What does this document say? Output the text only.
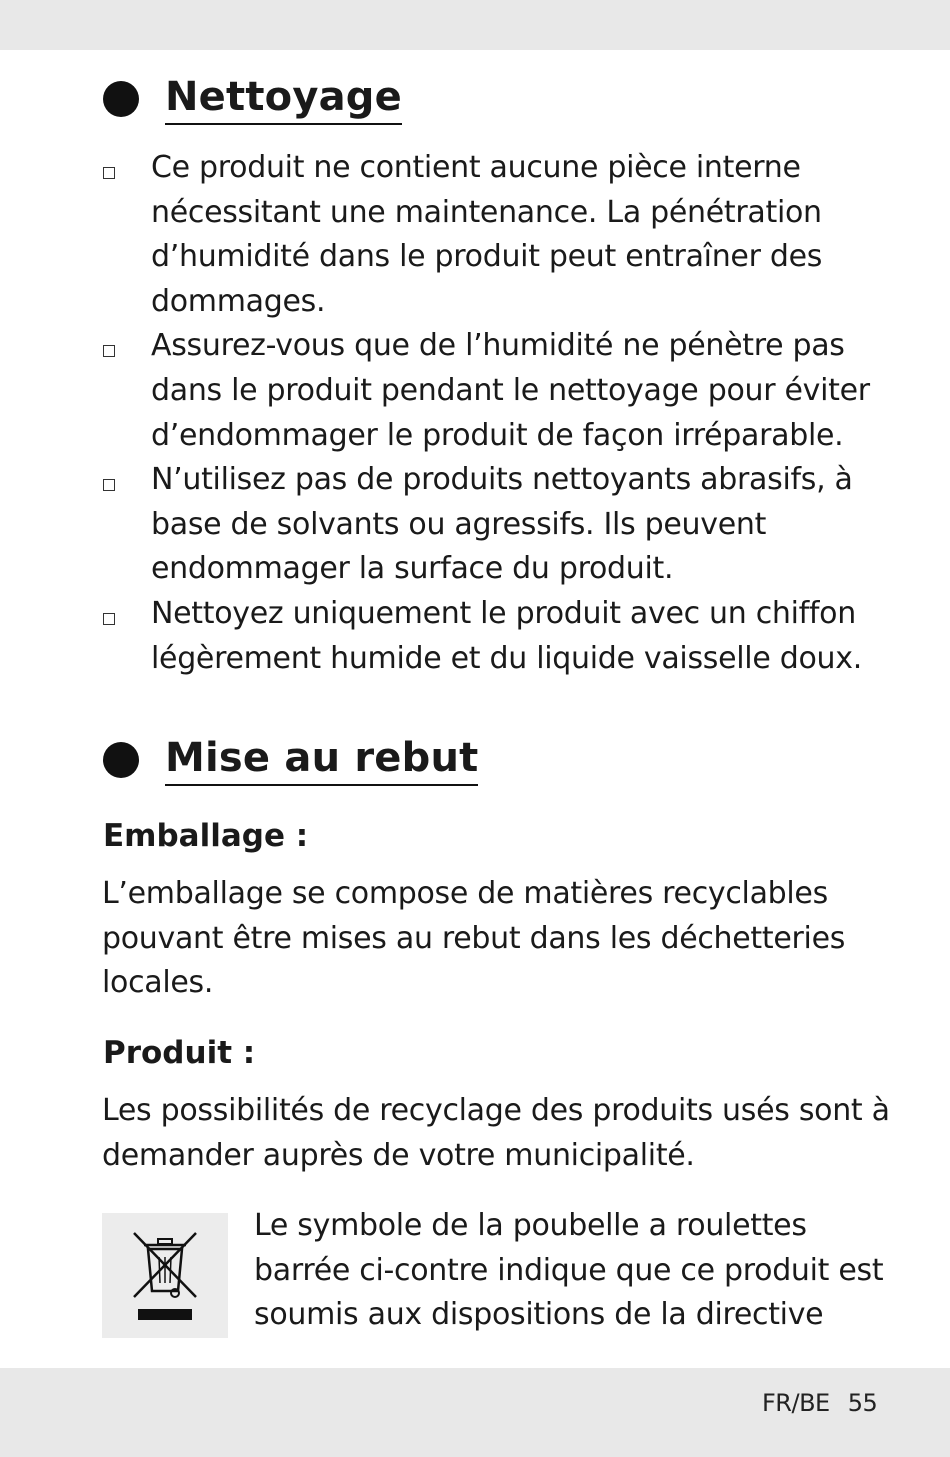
Nettoyage
Ce produit ne contient aucune pièce interne nécessitant une maintenance. La pénétration d’humidité dans le produit peut entraîner des dommages.
Assurez-vous que de l’humidité ne pénètre pas dans le produit pendant le nettoyage pour éviter d’endommager le produit de façon irréparable.
N’utilisez pas de produits nettoyants abrasifs, à base de solvants ou agressifs. Ils peuvent endommager la surface du produit.
Nettoyez uniquement le produit avec un chiffon légèrement humide et du liquide vaisselle doux.
Mise au rebut
Emballage :

L’emballage se compose de matières recyclables pouvant être mises au rebut dans les déchetteries locales.

Produit :

Les possibilités de recyclage des produits usés sont à demander auprès de votre municipalité.

Le symbole de la poubelle a roulettes barrée ci-contre indique que ce produit est soumis aux dispositions de la directive

FR/BE 55
